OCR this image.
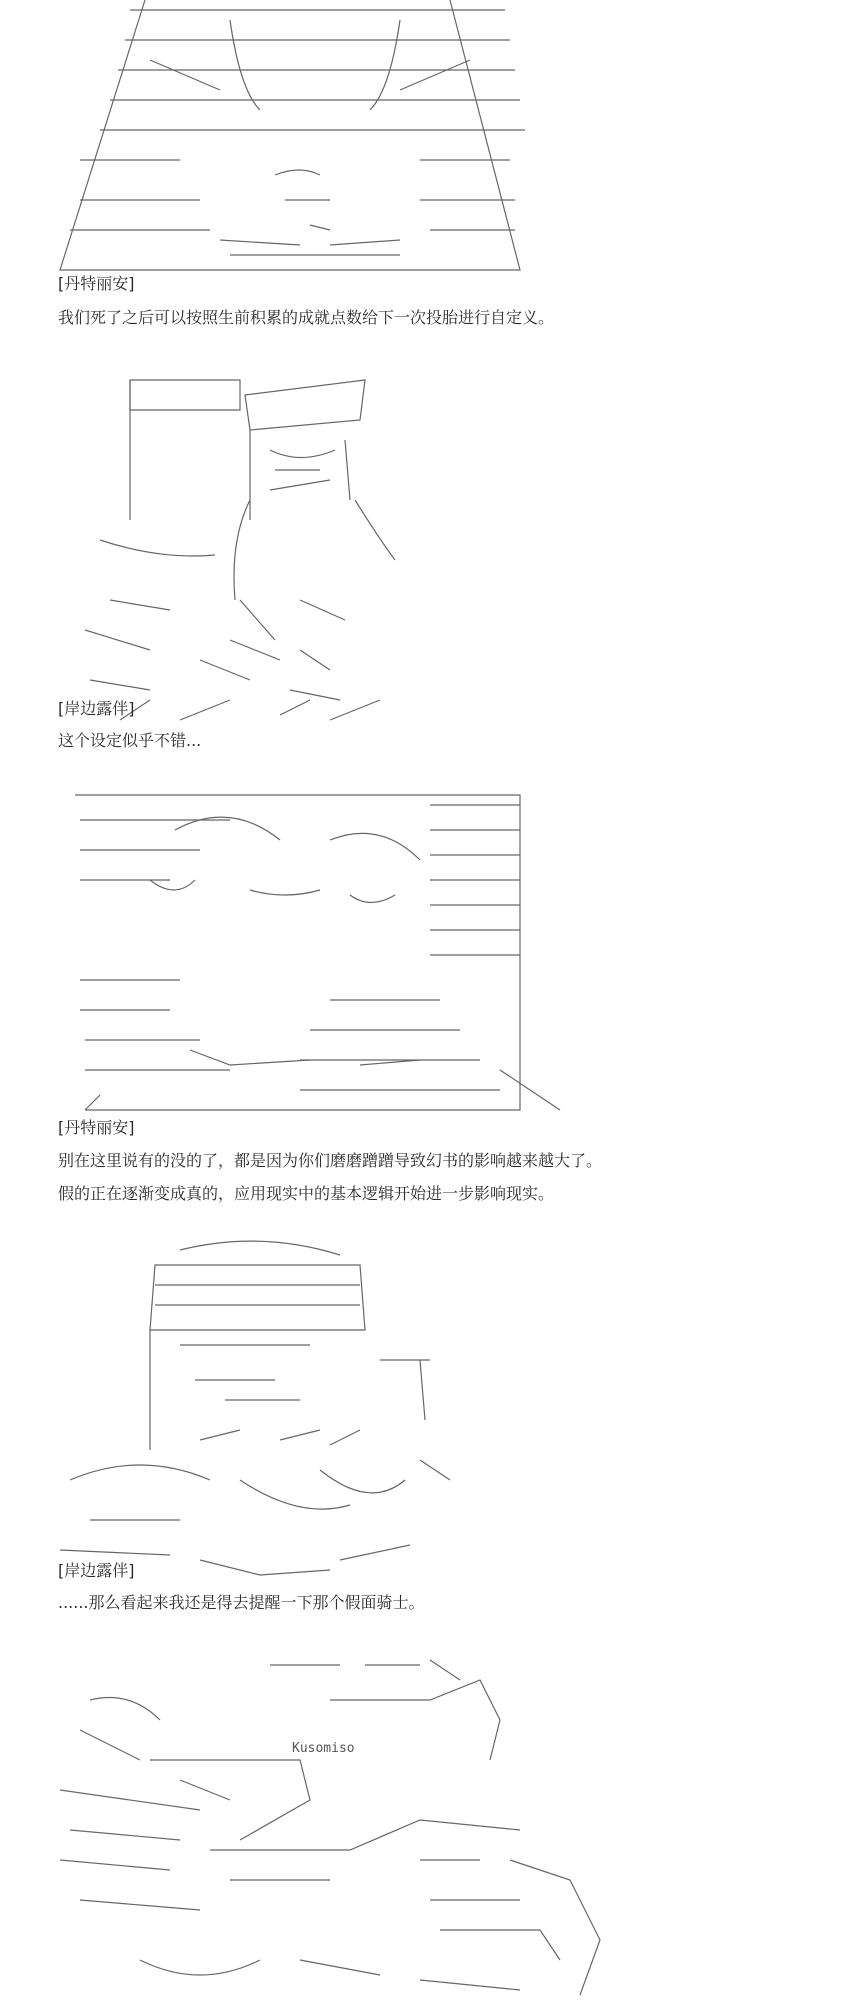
Kusomiso
[丹特丽安]
我们死了之后可以按照生前积累的成就点数给下一次投胎进行自定义。
[岸边露伴]
这个设定似乎不错...
[丹特丽安]
别在这里说有的没的了，都是因为你们磨磨蹭蹭导致幻书的影响越来越大了。
假的正在逐渐变成真的，应用现实中的基本逻辑开始进一步影响现实。
[岸边露伴]
......那么看起来我还是得去提醒一下那个假面骑士。
